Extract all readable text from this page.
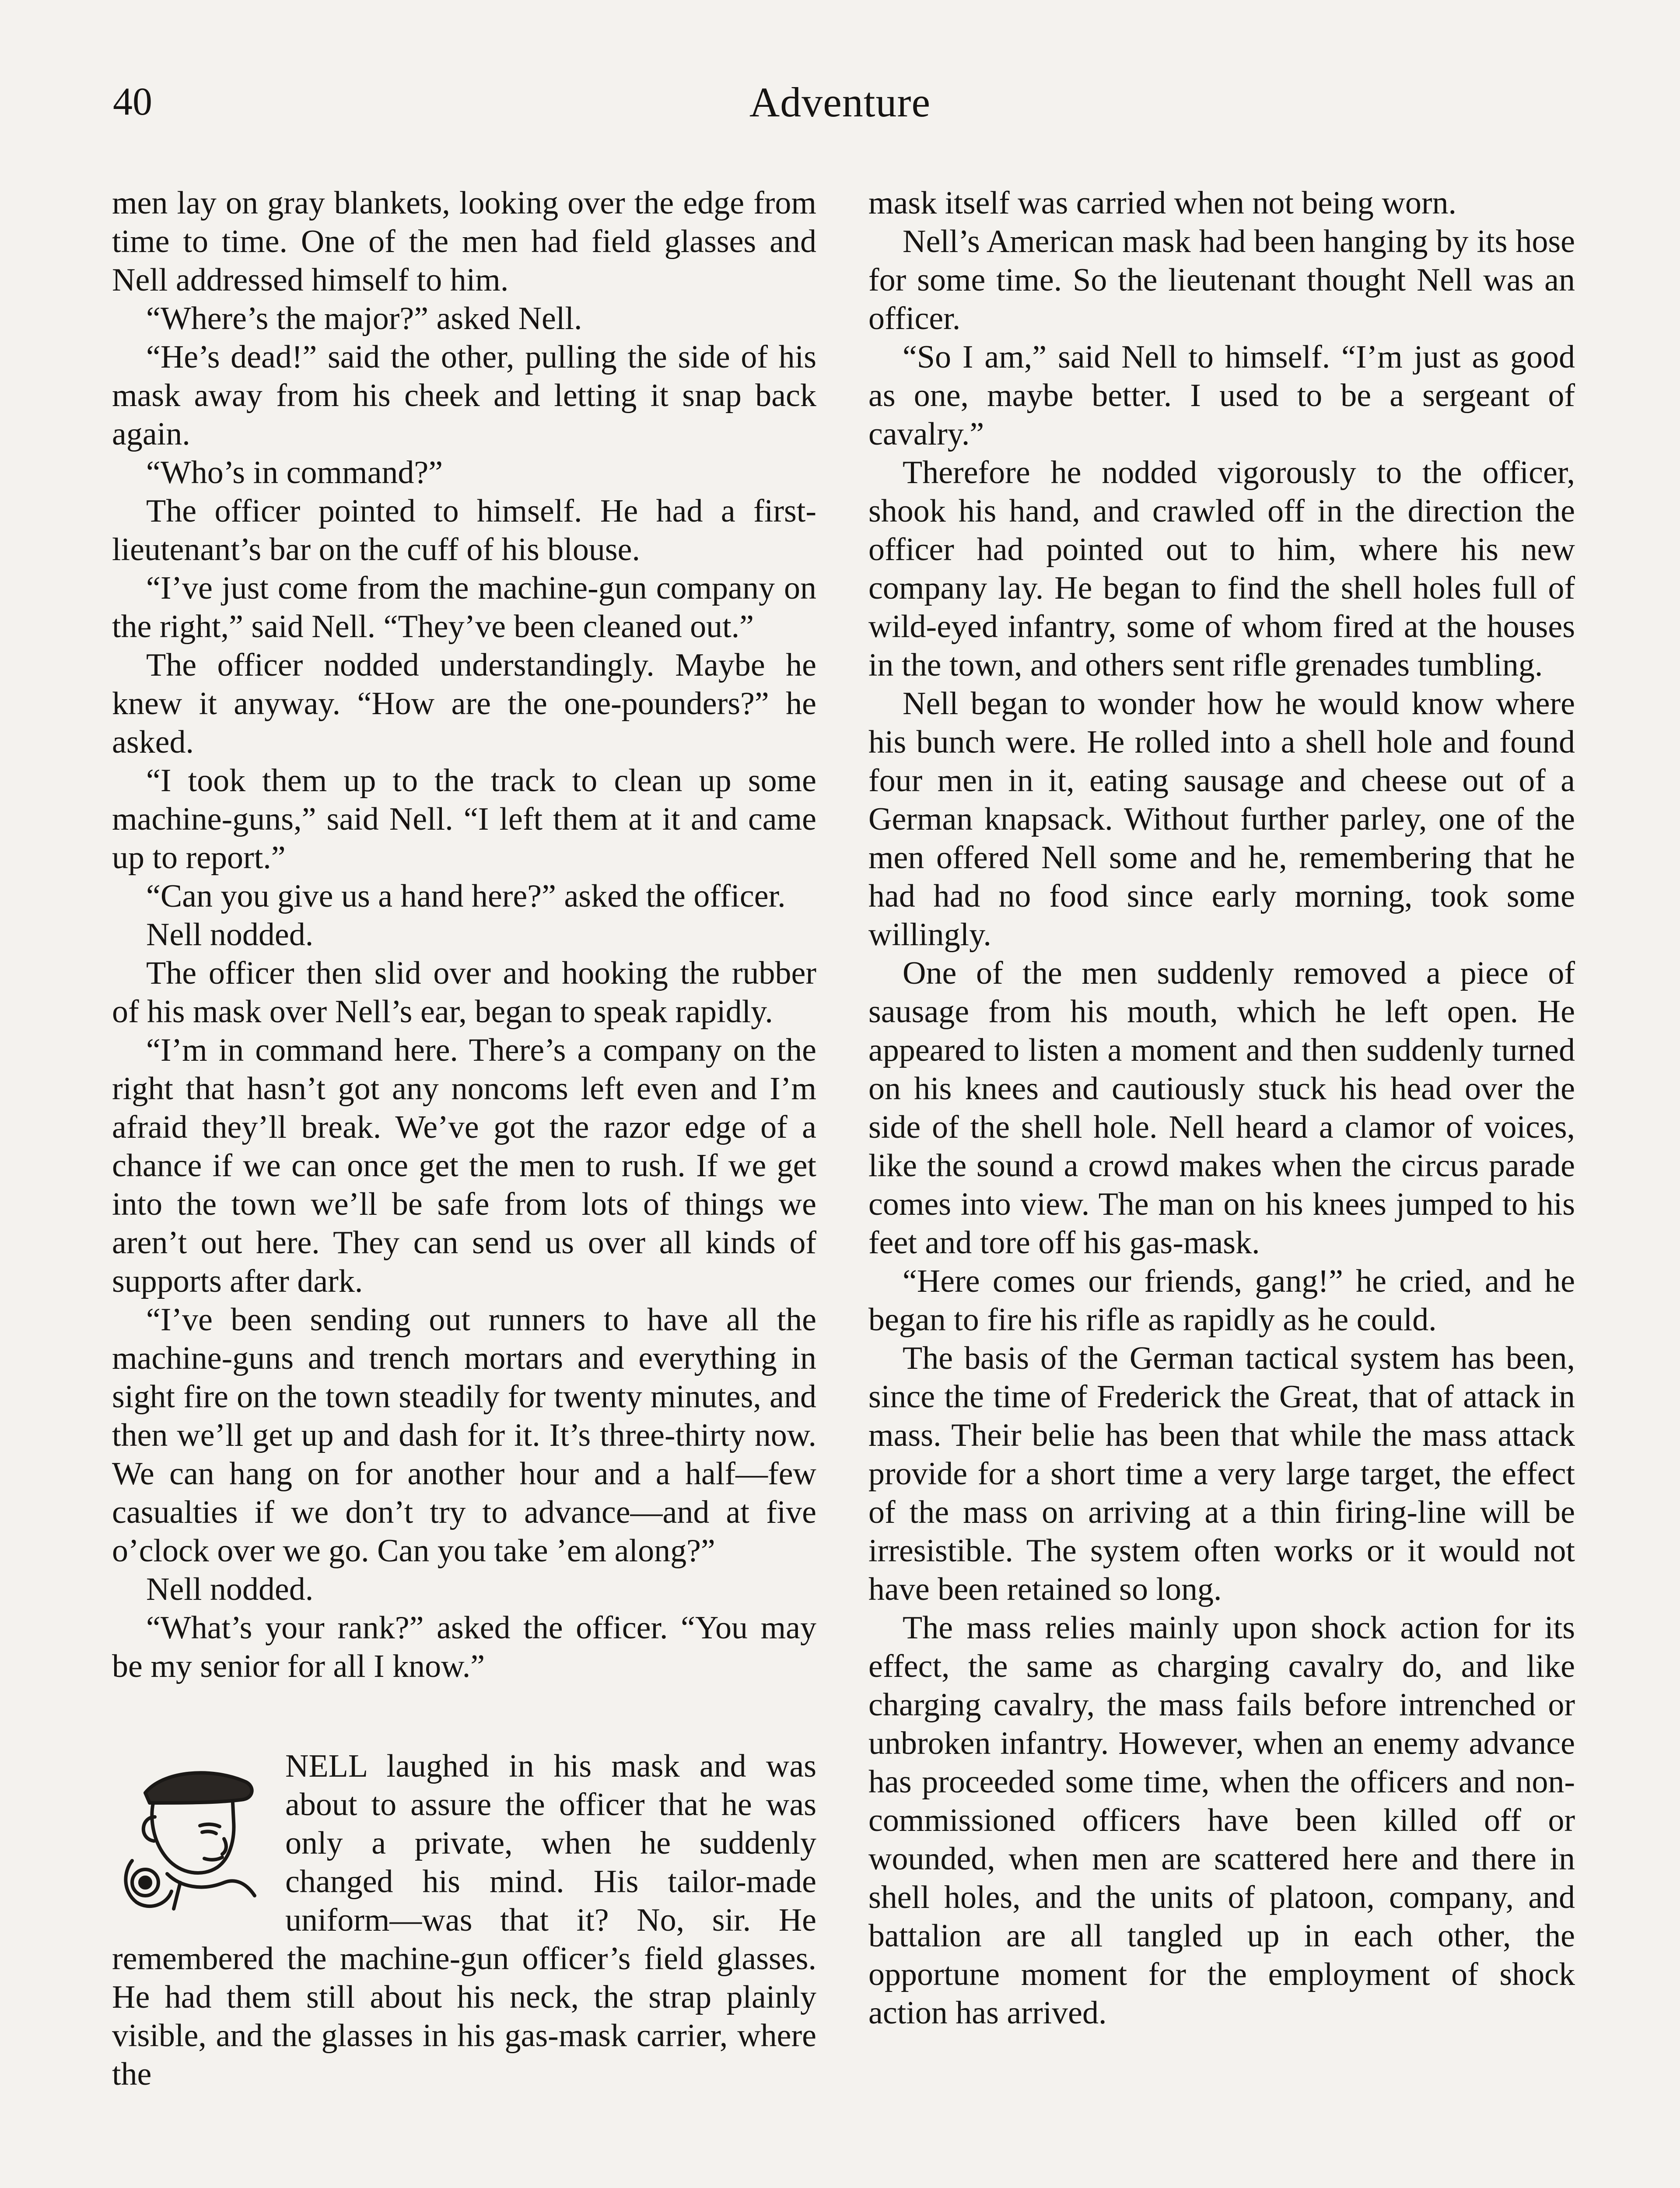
40	Adventure

men lay on gray blankets, looking over the edge from time to time. One of the men had field glasses and Nell addressed himself to him.

“Where’s the major?” asked Nell.

“He’s dead!” said the other, pulling the side of his mask away from his cheek and letting it snap back again.

“Who’s in command?”

The officer pointed to himself. He had a first-lieutenant’s bar on the cuff of his blouse.

“I’ve just come from the machine-gun company on the right,” said Nell. “They’ve been cleaned out.”

The officer nodded understandingly. Maybe he knew it anyway. “How are the one-pounders?” he asked.

“I took them up to the track to clean up some machine-guns,” said Nell. “I left them at it and came up to report.”

“Can you give us a hand here?” asked the officer.

Nell nodded.

The officer then slid over and hooking the rubber of his mask over Nell’s ear, began to speak rapidly.

“I’m in command here. There’s a company on the right that hasn’t got any noncoms left even and I’m afraid they’ll break. We’ve got the razor edge of a chance if we can once get the men to rush. If we get into the town we’ll be safe from lots of things we aren’t out here. They can send us over all kinds of supports after dark.

“I’ve been sending out runners to have all the machine-guns and trench mortars and everything in sight fire on the town steadily for twenty minutes, and then we’ll get up and dash for it. It’s three-thirty now. We can hang on for another hour and a half—few casualties if we don’t try to advance—and at five o’clock over we go. Can you take ’em along?”

Nell nodded.

“What’s your rank?” asked the officer. “You may be my senior for all I know.”

NELL laughed in his mask and was about to assure the officer that he was only a private, when he suddenly changed his mind. His tailor-made uniform—was that it? No, sir. He remembered the machine-gun officer’s field glasses. He had them still about his neck, the strap plainly visible, and the glasses in his gas-mask carrier, where the

mask itself was carried when not being worn.

Nell’s American mask had been hanging by its hose for some time. So the lieutenant thought Nell was an officer.

“So I am,” said Nell to himself. “I’m just as good as one, maybe better. I used to be a sergeant of cavalry.”

Therefore he nodded vigorously to the officer, shook his hand, and crawled off in the direction the officer had pointed out to him, where his new company lay. He began to find the shell holes full of wild-eyed infantry, some of whom fired at the houses in the town, and others sent rifle grenades tumbling.

Nell began to wonder how he would know where his bunch were. He rolled into a shell hole and found four men in it, eating sausage and cheese out of a German knapsack. Without further parley, one of the men offered Nell some and he, remembering that he had had no food since early morning, took some willingly.

One of the men suddenly removed a piece of sausage from his mouth, which he left open. He appeared to listen a moment and then suddenly turned on his knees and cautiously stuck his head over the side of the shell hole. Nell heard a clamor of voices, like the sound a crowd makes when the circus parade comes into view. The man on his knees jumped to his feet and tore off his gas-mask.

“Here comes our friends, gang!” he cried, and he began to fire his rifle as rapidly as he could.

The basis of the German tactical system has been, since the time of Frederick the Great, that of attack in mass. Their belie has been that while the mass attack provide for a short time a very large target, the effect of the mass on arriving at a thin firing-line will be irresistible. The system often works or it would not have been retained so long.

The mass relies mainly upon shock action for its effect, the same as charging cavalry do, and like charging cavalry, the mass fails before intrenched or unbroken infantry. However, when an enemy advance has proceeded some time, when the officers and non-commissioned officers have been killed off or wounded, when men are scattered here and there in shell holes, and the units of platoon, company, and battalion are all tangled up in each other, the opportune moment for the employment of shock action has arrived.
